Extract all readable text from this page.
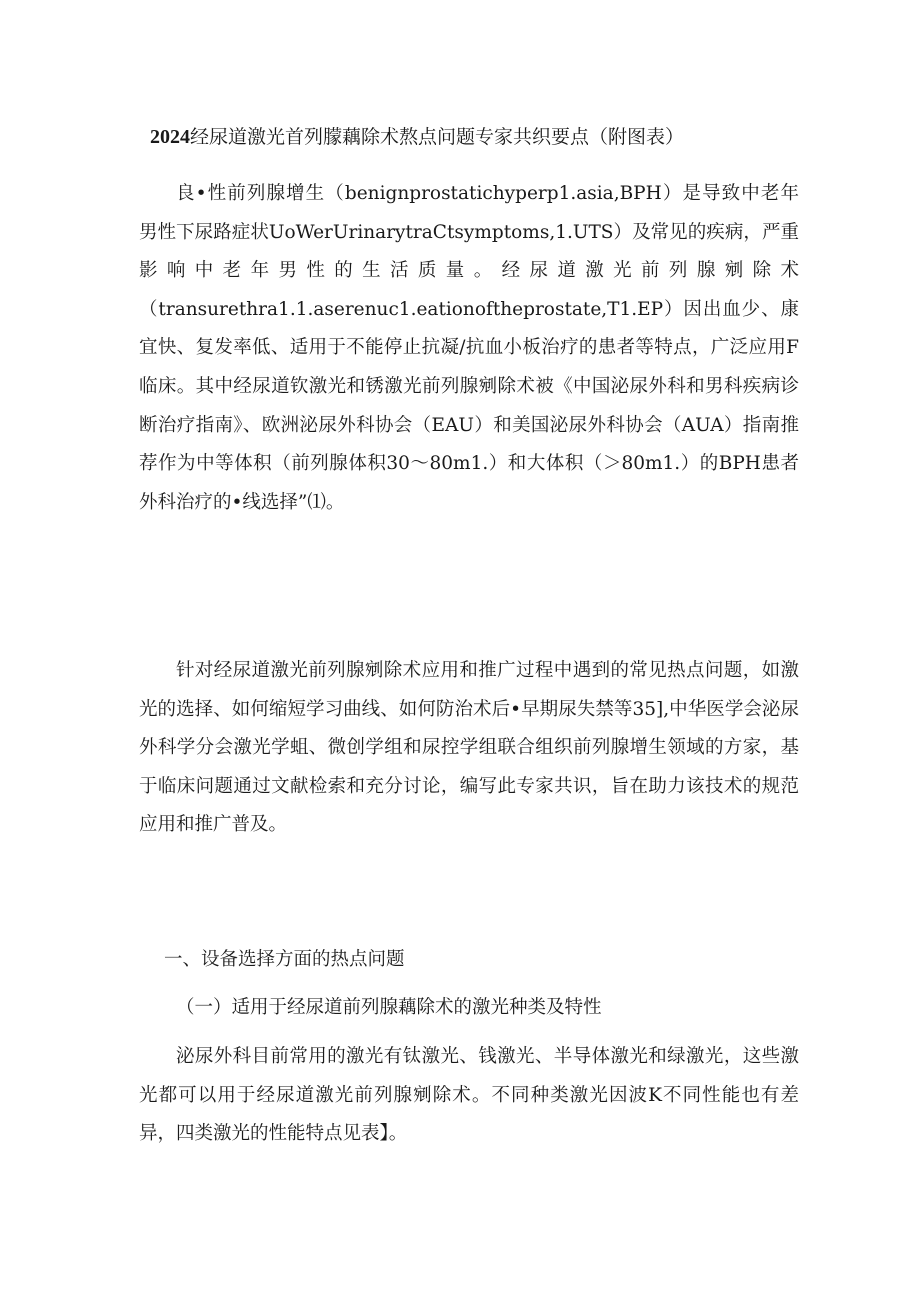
2024经尿道激光首列朦藕除术熬点问题专家共织要点（附图表）

良•性前列腺增生（benignprostatichyperp1.asia,BPH）是导致中老年男性下尿路症状UoWerUrinarytraCtsymptoms,1.UTS）及常见的疾病，严重影响中老年男性的生活质量。经尿道激光前列腺剜除术（transurethra1.1.aserenuc1.eationoftheprostate,T1.EP）因出血少、康宜快、复发率低、适用于不能停止抗凝/抗血小板治疗的患者等特点，广泛应用F临床。其中经尿道钦激光和锈激光前列腺剜除术被《中国泌尿外科和男科疾病诊断治疗指南》、欧洲泌尿外科协会（EAU）和美国泌尿外科协会（AUA）指南推荐作为中等体积（前列腺体积30～80m1.）和大体积（＞80m1.）的BPH患者外科治疗的•线选择”⑴。

针对经尿道激光前列腺剜除术应用和推广过程中遇到的常见热点问题，如激光的选择、如何缩短学习曲线、如何防治术后•早期尿失禁等35],中华医学会泌尿外科学分会激光学蛆、微创学组和尿控学组联合组织前列腺增生领域的方家，基于临床问题通过文献检索和充分讨论，编写此专家共识，旨在助力该技术的规范应用和推广普及。

一、设备选择方面的热点问题
（一）适用于经尿道前列腺藕除术的激光种类及特性

泌尿外科目前常用的激光有钛激光、钱激光、半导体激光和绿激光，这些激光都可以用于经尿道激光前列腺剜除术。不同种类激光因波K不同性能也有差异，四类激光的性能特点见表】。
